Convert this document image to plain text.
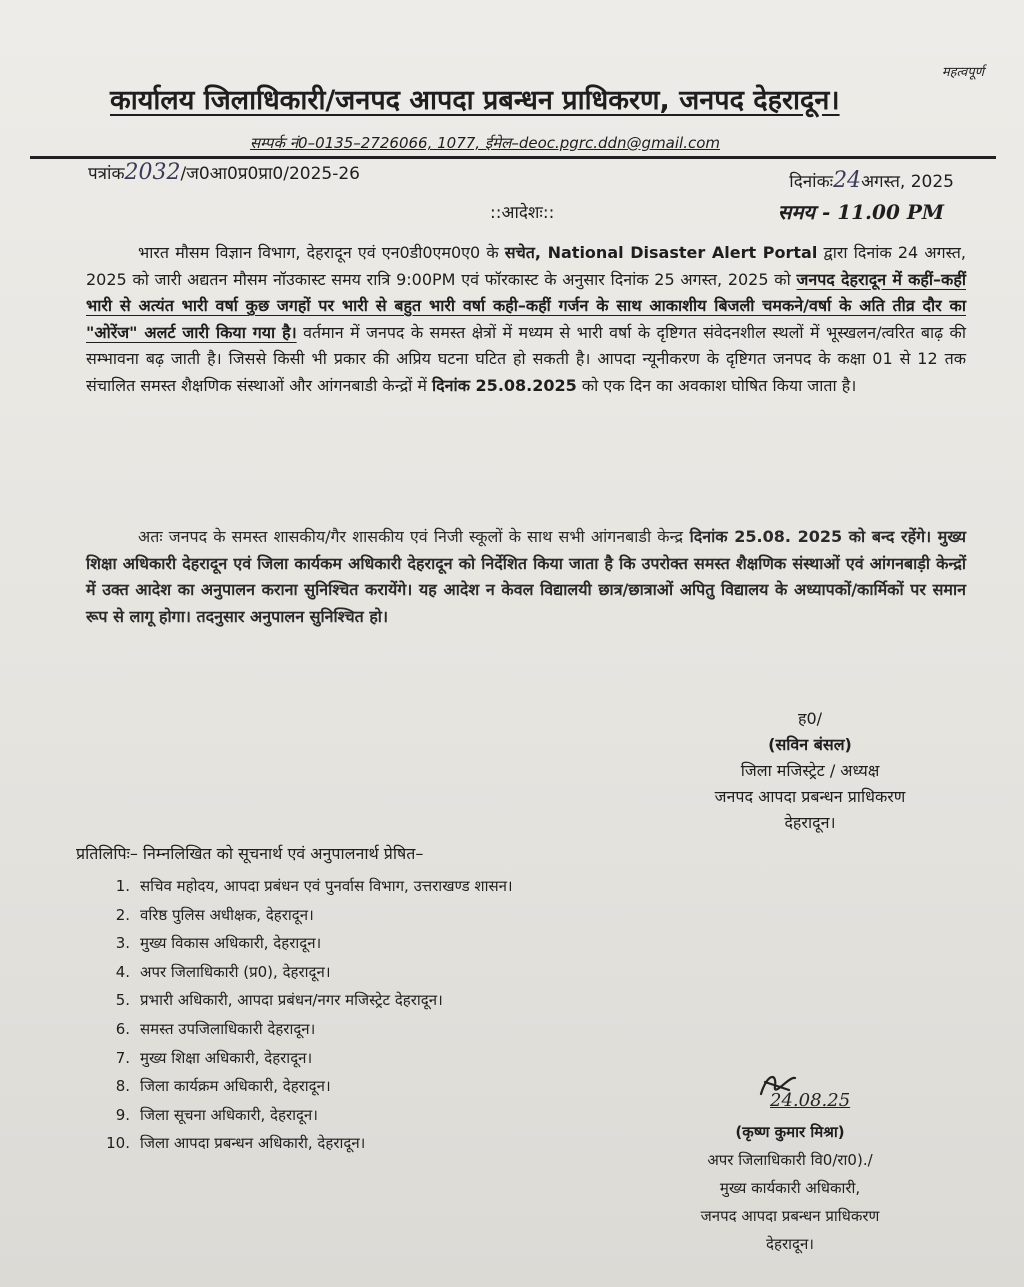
महत्वपूर्ण
कार्यालय जिलाधिकारी/जनपद आपदा प्रबन्धन प्राधिकरण, जनपद देहरादून।
सम्पर्क नं0–0135–2726066, 1077, ईमेल–deoc.pgrc.ddn@gmail.com
पत्रांक2032/ज0आ0प्र0प्रा0/2025-26	दिनांकः24अगस्त, 2025
समय - 11.00 PM
::आदेशः::
भारत मौसम विज्ञान विभाग, देहरादून एवं एन0डी0एम0ए0 के सचेत, National Disaster Alert Portal द्वारा दिनांक 24 अगस्त, 2025 को जारी अद्यतन मौसम नॉउकास्ट समय रात्रि 9:00PM एवं फॉरकास्ट के अनुसार दिनांक 25 अगस्त, 2025 को जनपद देहरादून में कहीं–कहीं भारी से अत्यंत भारी वर्षा कुछ जगहों पर भारी से बहुत भारी वर्षा कही–कहीं गर्जन के साथ आकाशीय बिजली चमकने/वर्षा के अति तीव्र दौर का "ओरेंज" अलर्ट जारी किया गया है। वर्तमान में जनपद के समस्त क्षेत्रों में मध्यम से भारी वर्षा के दृष्टिगत संवेदनशील स्थलों में भूस्खलन/त्वरित बाढ़ की सम्भावना बढ़ जाती है। जिससे किसी भी प्रकार की अप्रिय घटना घटित हो सकती है। आपदा न्यूनीकरण के दृष्टिगत जनपद के कक्षा 01 से 12 तक संचालित समस्त शैक्षणिक संस्थाओं और आंगनबाडी केन्द्रों में दिनांक 25.08.2025 को एक दिन का अवकाश घोषित किया जाता है।
अतः जनपद के समस्त शासकीय/गैर शासकीय एवं निजी स्कूलों के साथ सभी आंगनबाडी केन्द्र दिनांक 25.08. 2025 को बन्द रहेंगे। मुख्य शिक्षा अधिकारी देहरादून एवं जिला कार्यकम अधिकारी देहरादून को निर्देशित किया जाता है कि उपरोक्त समस्त शैक्षणिक संस्थाओं एवं आंगनबाड़ी केन्द्रों में उक्त आदेश का अनुपालन कराना सुनिश्चित करायेंगे। यह आदेश न केवल विद्यालयी छात्र/छात्राओं अपितु विद्यालय के अध्यापकों/कार्मिकों पर समान रूप से लागू होगा। तदनुसार अनुपालन सुनिश्चित हो।
ह0/
(सविन बंसल)
जिला मजिस्ट्रेट / अध्यक्ष
जनपद आपदा प्रबन्धन प्राधिकरण
देहरादून।
प्रतिलिपिः– निम्नलिखित को सूचनार्थ एवं अनुपालनार्थ प्रेषित–
1. सचिव महोदय, आपदा प्रबंधन एवं पुनर्वास विभाग, उत्तराखण्ड शासन।
2. वरिष्ठ पुलिस अधीक्षक, देहरादून।
3. मुख्य विकास अधिकारी, देहरादून।
4. अपर जिलाधिकारी (प्र0), देहरादून।
5. प्रभारी अधिकारी, आपदा प्रबंधन/नगर मजिस्ट्रेट देहरादून।
6. समस्त उपजिलाधिकारी देहरादून।
7. मुख्य शिक्षा अधिकारी, देहरादून।
8. जिला कार्यक्रम अधिकारी, देहरादून।
9. जिला सूचना अधिकारी, देहरादून।
10. जिला आपदा प्रबन्धन अधिकारी, देहरादून।
24.08.25
(कृष्ण कुमार मिश्रा)
अपर जिलाधिकारी वि0/रा0)./
मुख्य कार्यकारी अधिकारी,
जनपद आपदा प्रबन्धन प्राधिकरण
देहरादून।
